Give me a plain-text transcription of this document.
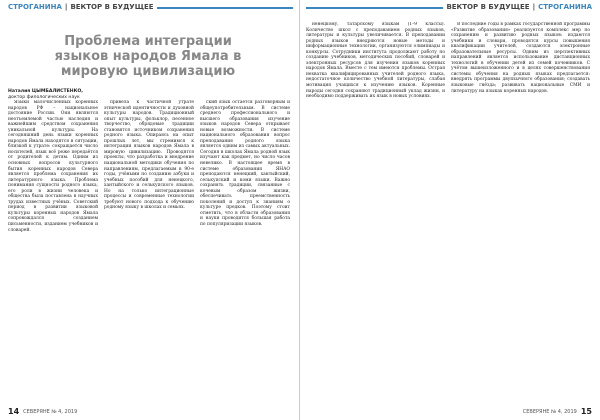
СТРОГАНИНА | ВЕКТОР В БУДУЩЕЕ
Проблема интеграции языков народов Ямала в мировую цивилизацию
Наталия ЦЫМБАЛИСТЕНКО,
доктор филологических наук

Языки малочисленных коренных народов РФ – национальное достояние России. Они являются неотъемлемой частью наследия и важнейшим средством сохранения уникальной культуры. На сегодняшний день языки коренных народов Ямала находятся в ситуации, близкой к утрате: сокращается число носителей, язык всё реже передаётся от родителей к детям. Одним из основных вопросов культурного бытия коренных народов Севера является проблема сохранения их литературного языка. Проблема понимания сущности родного языка, его роли в жизни человека и общества была поставлена в научных трудах известных учёных. Советский период в развитии языковой культуры коренных народов Ямала сопровождался созданием письменности, изданием учебников и словарей.

привела к частичной утрате этнической идентичности и духовной культуры народов. Традиционный опыт культуры, фольклор, песенное творчество, обрядовые традиции становятся источником сохранения родного языка. Опираясь на опыт прошлых лет, мы стремимся к интеграции языков народов Ямала в мировую цивилизацию. Проводятся проекты, что разработка и внедрение национальной методики обучения по направлениям, предлагаемым в 90-е годы, учёными по созданию азбуки и учебных пособий для ненецкого, хантыйского и селькупского языков. Но на только интеграционные процессы и современные технологии требуют нового подхода к обучению родному языку в школах и семьях.

ский язык остаётся разговорным и общеупотребительным. В системе среднего профессионального и высшего образования изучение языков народов Севера открывает новые возможности. В системе национального образования вопрос преподавания родного языка является одним из самых актуальных. Сегодня в школах Ямала родной язык изучают как предмет, но число часов невелико. В настоящее время в системе образования ЯНАО преподаются ненецкий, хантыйский, селькупский и коми языки. Важно сохранять традиции, связанные с кочевым образом жизни, обеспечивать преемственность поколений и доступ к знаниям о культуре предков. Поэтому стоит отметить, что в области образования и науки проводится большая работа по популяризации языков.

14 СЕВЕРЯНЕ № 4, 2019
ВЕКТОР В БУДУЩЕЕ | СТРОГАНИНА

ненецкому, татарскому языкам (1–9 классы). Количество школ с преподаванием родных языков, литературы и культуры увеличивается. В преподавании родных языков внедряются новые методы и информационные технологии, организуются олимпиады и конкурсы. Сотрудники института продолжают работу по созданию учебников, методических пособий, словарей и электронных ресурсов для изучения языков коренных народов Ямала. Вместе с тем имеются проблемы. Острая нехватка квалифицированных учителей родного языка, недостаточное количество учебной литературы, слабая мотивация учащихся к изучению языков. Коренные народы сегодня сохраняют традиционный уклад жизни, и необходимо поддерживать их язык в новых условиях.

В последние годы в рамках государственной программы «Развитие образования» реализуется комплекс мер по сохранению и развитию родных языков: издаются учебники и словари, проводятся курсы повышения квалификации учителей, создаются электронные образовательные ресурсы. Одним из перспективных направлений является использование дистанционных технологий в обучении детей из семей кочевников. С учётом вышеизложенного и в целях совершенствования системы обучения на родных языках предлагается: внедрять программы двуязычного образования; создавать языковые гнёзда; развивать национальные СМИ и литературу на языках коренных народов.

СЕВЕРЯНЕ № 4, 2019 15
